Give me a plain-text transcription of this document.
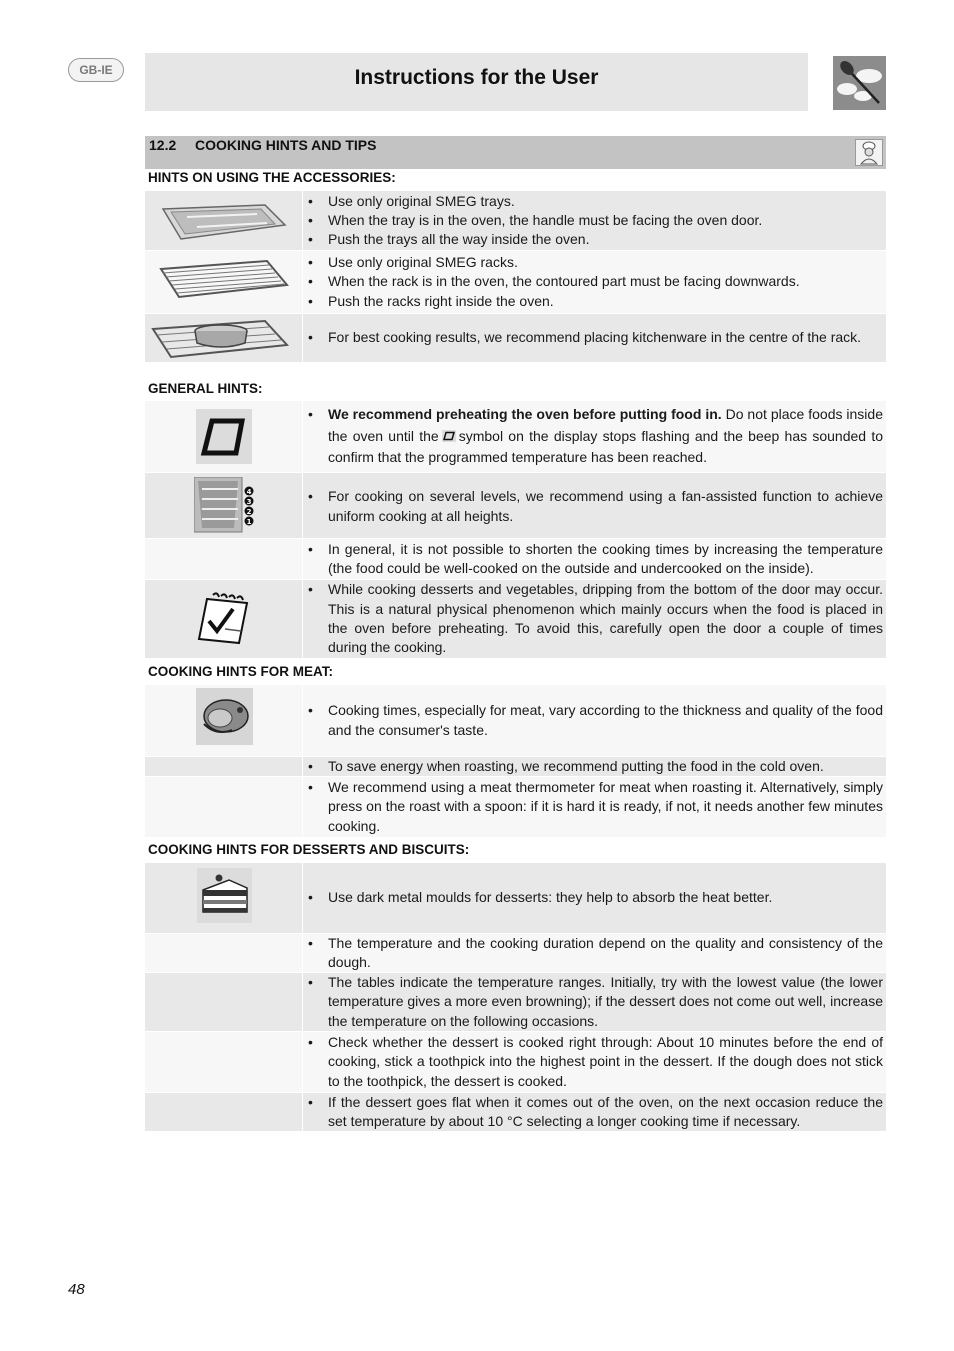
GB-IE	Instructions for the User
12.2 COOKING HINTS AND TIPS
HINTS ON USING THE ACCESSORIES:
• Use only original SMEG trays.
• When the tray is in the oven, the handle must be facing the oven door.
• Push the trays all the way inside the oven.
• Use only original SMEG racks.
• When the rack is in the oven, the contoured part must be facing downwards.
• Push the racks right inside the oven.
• For best cooking results, we recommend placing kitchenware in the centre of the rack.
GENERAL HINTS:
• We recommend preheating the oven before putting food in. Do not place foods inside the oven until the symbol on the display stops flashing and the beep has sounded to confirm that the programmed temperature has been reached.
4
3
2
1
• For cooking on several levels, we recommend using a fan-assisted function to achieve uniform cooking at all heights.
• In general, it is not possible to shorten the cooking times by increasing the temperature (the food could be well-cooked on the outside and undercooked on the inside).
• While cooking desserts and vegetables, dripping from the bottom of the door may occur. This is a natural physical phenomenon which mainly occurs when the food is placed in the oven before preheating. To avoid this, carefully open the door a couple of times during the cooking.
COOKING HINTS FOR MEAT:
• Cooking times, especially for meat, vary according to the thickness and quality of the food and the consumer's taste.
• To save energy when roasting, we recommend putting the food in the cold oven.
• We recommend using a meat thermometer for meat when roasting it. Alternatively, simply press on the roast with a spoon: if it is hard it is ready, if not, it needs another few minutes cooking.
COOKING HINTS FOR DESSERTS AND BISCUITS:
• Use dark metal moulds for desserts: they help to absorb the heat better.
• The temperature and the cooking duration depend on the quality and consistency of the dough.
• The tables indicate the temperature ranges. Initially, try with the lowest value (the lower temperature gives a more even browning); if the dessert does not come out well, increase the temperature on the following occasions.
• Check whether the dessert is cooked right through: About 10 minutes before the end of cooking, stick a toothpick into the highest point in the dessert. If the dough does not stick to the toothpick, the dessert is cooked.
• If the dessert goes flat when it comes out of the oven, on the next occasion reduce the set temperature by about 10 °C selecting a longer cooking time if necessary.
48
